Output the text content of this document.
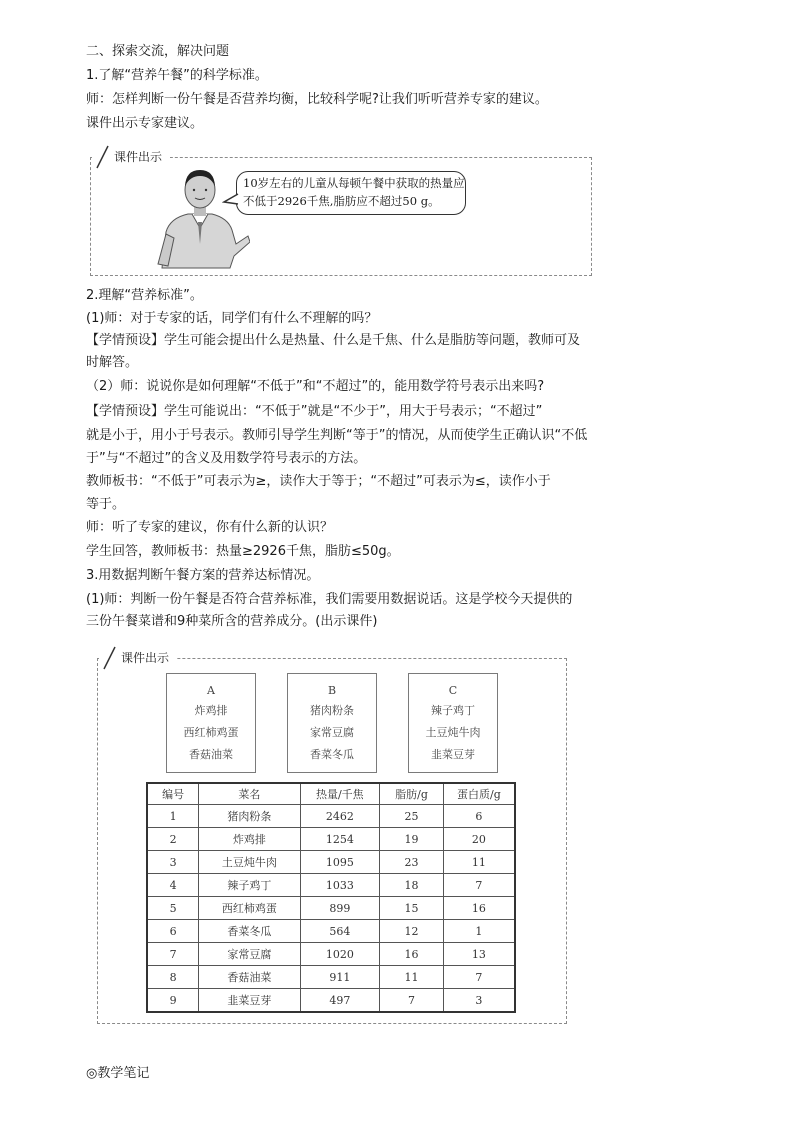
二、探索交流，解决问题
1.了解“营养午餐”的科学标准。
师：怎样判断一份午餐是否营养均衡，比较科学呢?让我们听听营养专家的建议。
课件出示专家建议。
课件出示
10岁左右的儿童从每顿午餐中获取的热量应
不低于2926千焦,脂肪应不超过50 g。
2.理解“营养标准”。
(1)师：对于专家的话，同学们有什么不理解的吗？
【学情预设】学生可能会提出什么是热量、什么是千焦、什么是脂肪等问题，教师可及
时解答。
（2）师：说说你是如何理解“不低于”和“不超过”的，能用数学符号表示出来吗?
【学情预设】学生可能说出：“不低于”就是“不少于”，用大于号表示；“不超过”
就是小于，用小于号表示。教师引导学生判断“等于”的情况，从而使学生正确认识“不低
于”与“不超过”的含义及用数学符号表示的方法。
教师板书：“不低于”可表示为≥，读作大于等于；“不超过”可表示为≤，读作小于
等于。
师：听了专家的建议，你有什么新的认识？
学生回答，教师板书：热量≥2926千焦，脂肪≤50g。
3.用数据判断午餐方案的营养达标情况。
(1)师：判断一份午餐是否符合营养标准，我们需要用数据说话。这是学校今天提供的
三份午餐菜谱和9种菜所含的营养成分。(出示课件)
课件出示
A
炸鸡排
西红柿鸡蛋
香菇油菜
B
猪肉粉条
家常豆腐
香菜冬瓜
C
辣子鸡丁
土豆炖牛肉
韭菜豆芽
编号	菜名	热量/千焦	脂肪/g	蛋白质/g
1	猪肉粉条	2462	25	6
2	炸鸡排	1254	19	20
3	土豆炖牛肉	1095	23	11
4	辣子鸡丁	1033	18	7
5	西红柿鸡蛋	899	15	16
6	香菜冬瓜	564	12	1
7	家常豆腐	1020	16	13
8	香菇油菜	911	11	7
9	韭菜豆芽	497	7	3
◎教学笔记
